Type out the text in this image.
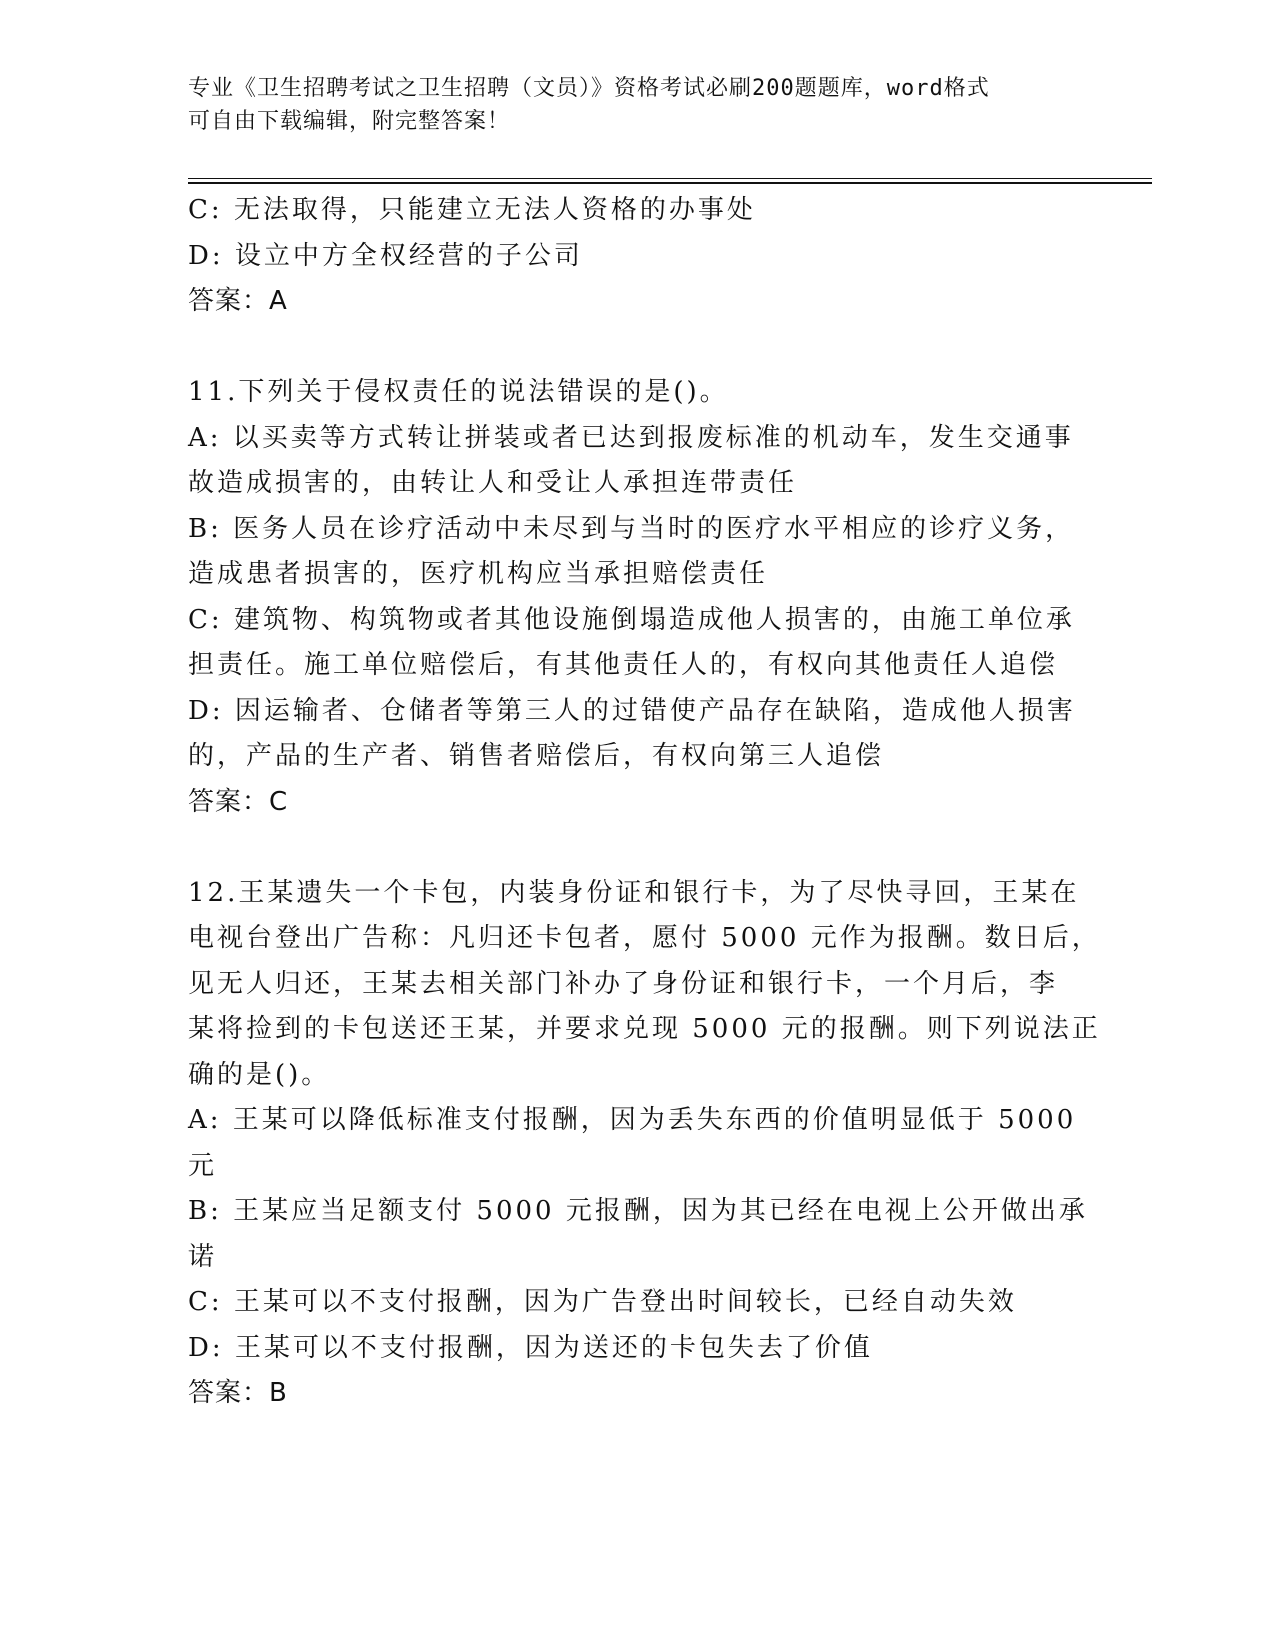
专业《卫生招聘考试之卫生招聘（文员）》资格考试必刷200题题库，word格式
可自由下载编辑，附完整答案！
C: 无法取得，只能建立无法人资格的办事处
D: 设立中方全权经营的子公司
答案：A
11.下列关于侵权责任的说法错误的是()。
A: 以买卖等方式转让拼装或者已达到报废标准的机动车，发生交通事
故造成损害的，由转让人和受让人承担连带责任
B: 医务人员在诊疗活动中未尽到与当时的医疗水平相应的诊疗义务，
造成患者损害的，医疗机构应当承担赔偿责任
C: 建筑物、构筑物或者其他设施倒塌造成他人损害的，由施工单位承
担责任。施工单位赔偿后，有其他责任人的，有权向其他责任人追偿
D: 因运输者、仓储者等第三人的过错使产品存在缺陷，造成他人损害
的，产品的生产者、销售者赔偿后，有权向第三人追偿
答案：C
12.王某遗失一个卡包，内装身份证和银行卡，为了尽快寻回，王某在
电视台登出广告称：凡归还卡包者，愿付 5000 元作为报酬。数日后，
见无人归还，王某去相关部门补办了身份证和银行卡，一个月后，李
某将捡到的卡包送还王某，并要求兑现 5000 元的报酬。则下列说法正
确的是()。
A: 王某可以降低标准支付报酬，因为丢失东西的价值明显低于 5000
元
B: 王某应当足额支付 5000 元报酬，因为其已经在电视上公开做出承
诺
C: 王某可以不支付报酬，因为广告登出时间较长，已经自动失效
D: 王某可以不支付报酬，因为送还的卡包失去了价值
答案：B
